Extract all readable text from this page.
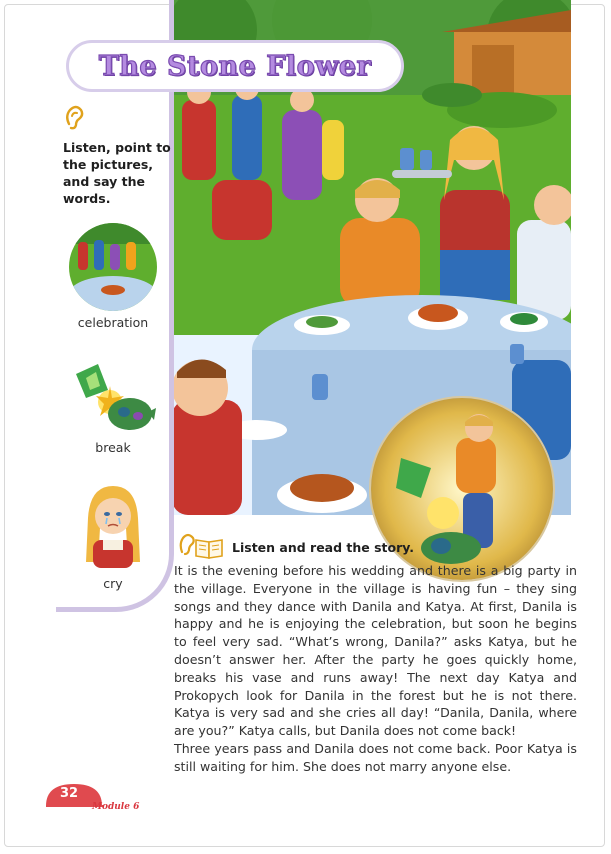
The Stone Flower
Listen, point to the pictures, and say the words.
celebration
break
cry
Listen and read the story.

It is the evening before his wedding and there is a big party in the village. Everyone in the village is having fun – they sing songs and they dance with Danila and Katya. At first, Danila is happy and he is enjoying the celebration, but soon he begins to feel very sad. “What’s wrong, Danila?” asks Katya, but he doesn’t answer her. After the party he goes quickly home, breaks his vase and runs away! The next day Katya and Prokopych look for Danila in the forest but he is not there. Katya is very sad and she cries all day! “Danila, Danila, where are you?” Katya calls, but Danila does not come back!

Three years pass and Danila does not come back. Poor Katya is still waiting for him. She does not marry anyone else.

32
Module 6
